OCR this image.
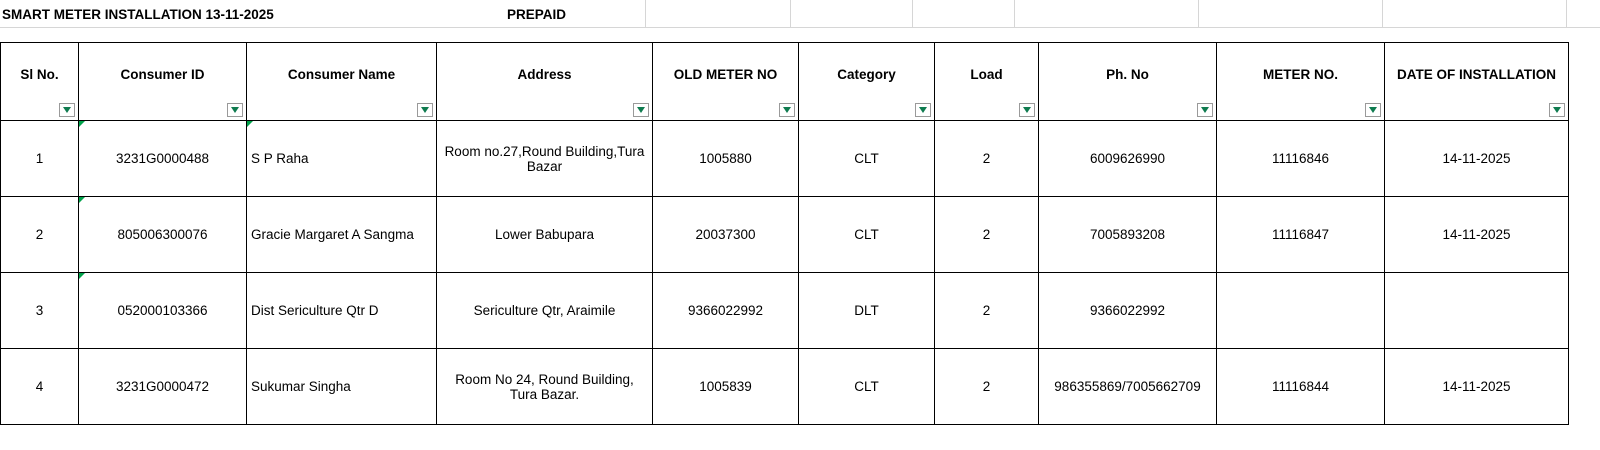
SMART METER INSTALLATION 13-11-2025	PREPAID
Sl No.	Consumer ID	Consumer Name	Address	OLD METER NO	Category	Load	Ph. No	METER NO.	DATE OF INSTALLATION

1	3231G0000488	S P Raha	Room no.27,Round Building,Tura Bazar	1005880	CLT	2	6009626990	11116846	14-11-2025
2	805006300076	Gracie Margaret A Sangma	Lower Babupara	20037300	CLT	2	7005893208	11116847	14-11-2025
3	052000103366	Dist Sericulture Qtr D	Sericulture Qtr, Araimile	9366022992	DLT	2	9366022992		
4	3231G0000472	Sukumar Singha	Room No 24, Round Building, Tura Bazar.	1005839	CLT	2	986355869/7005662709	11116844	14-11-2025
